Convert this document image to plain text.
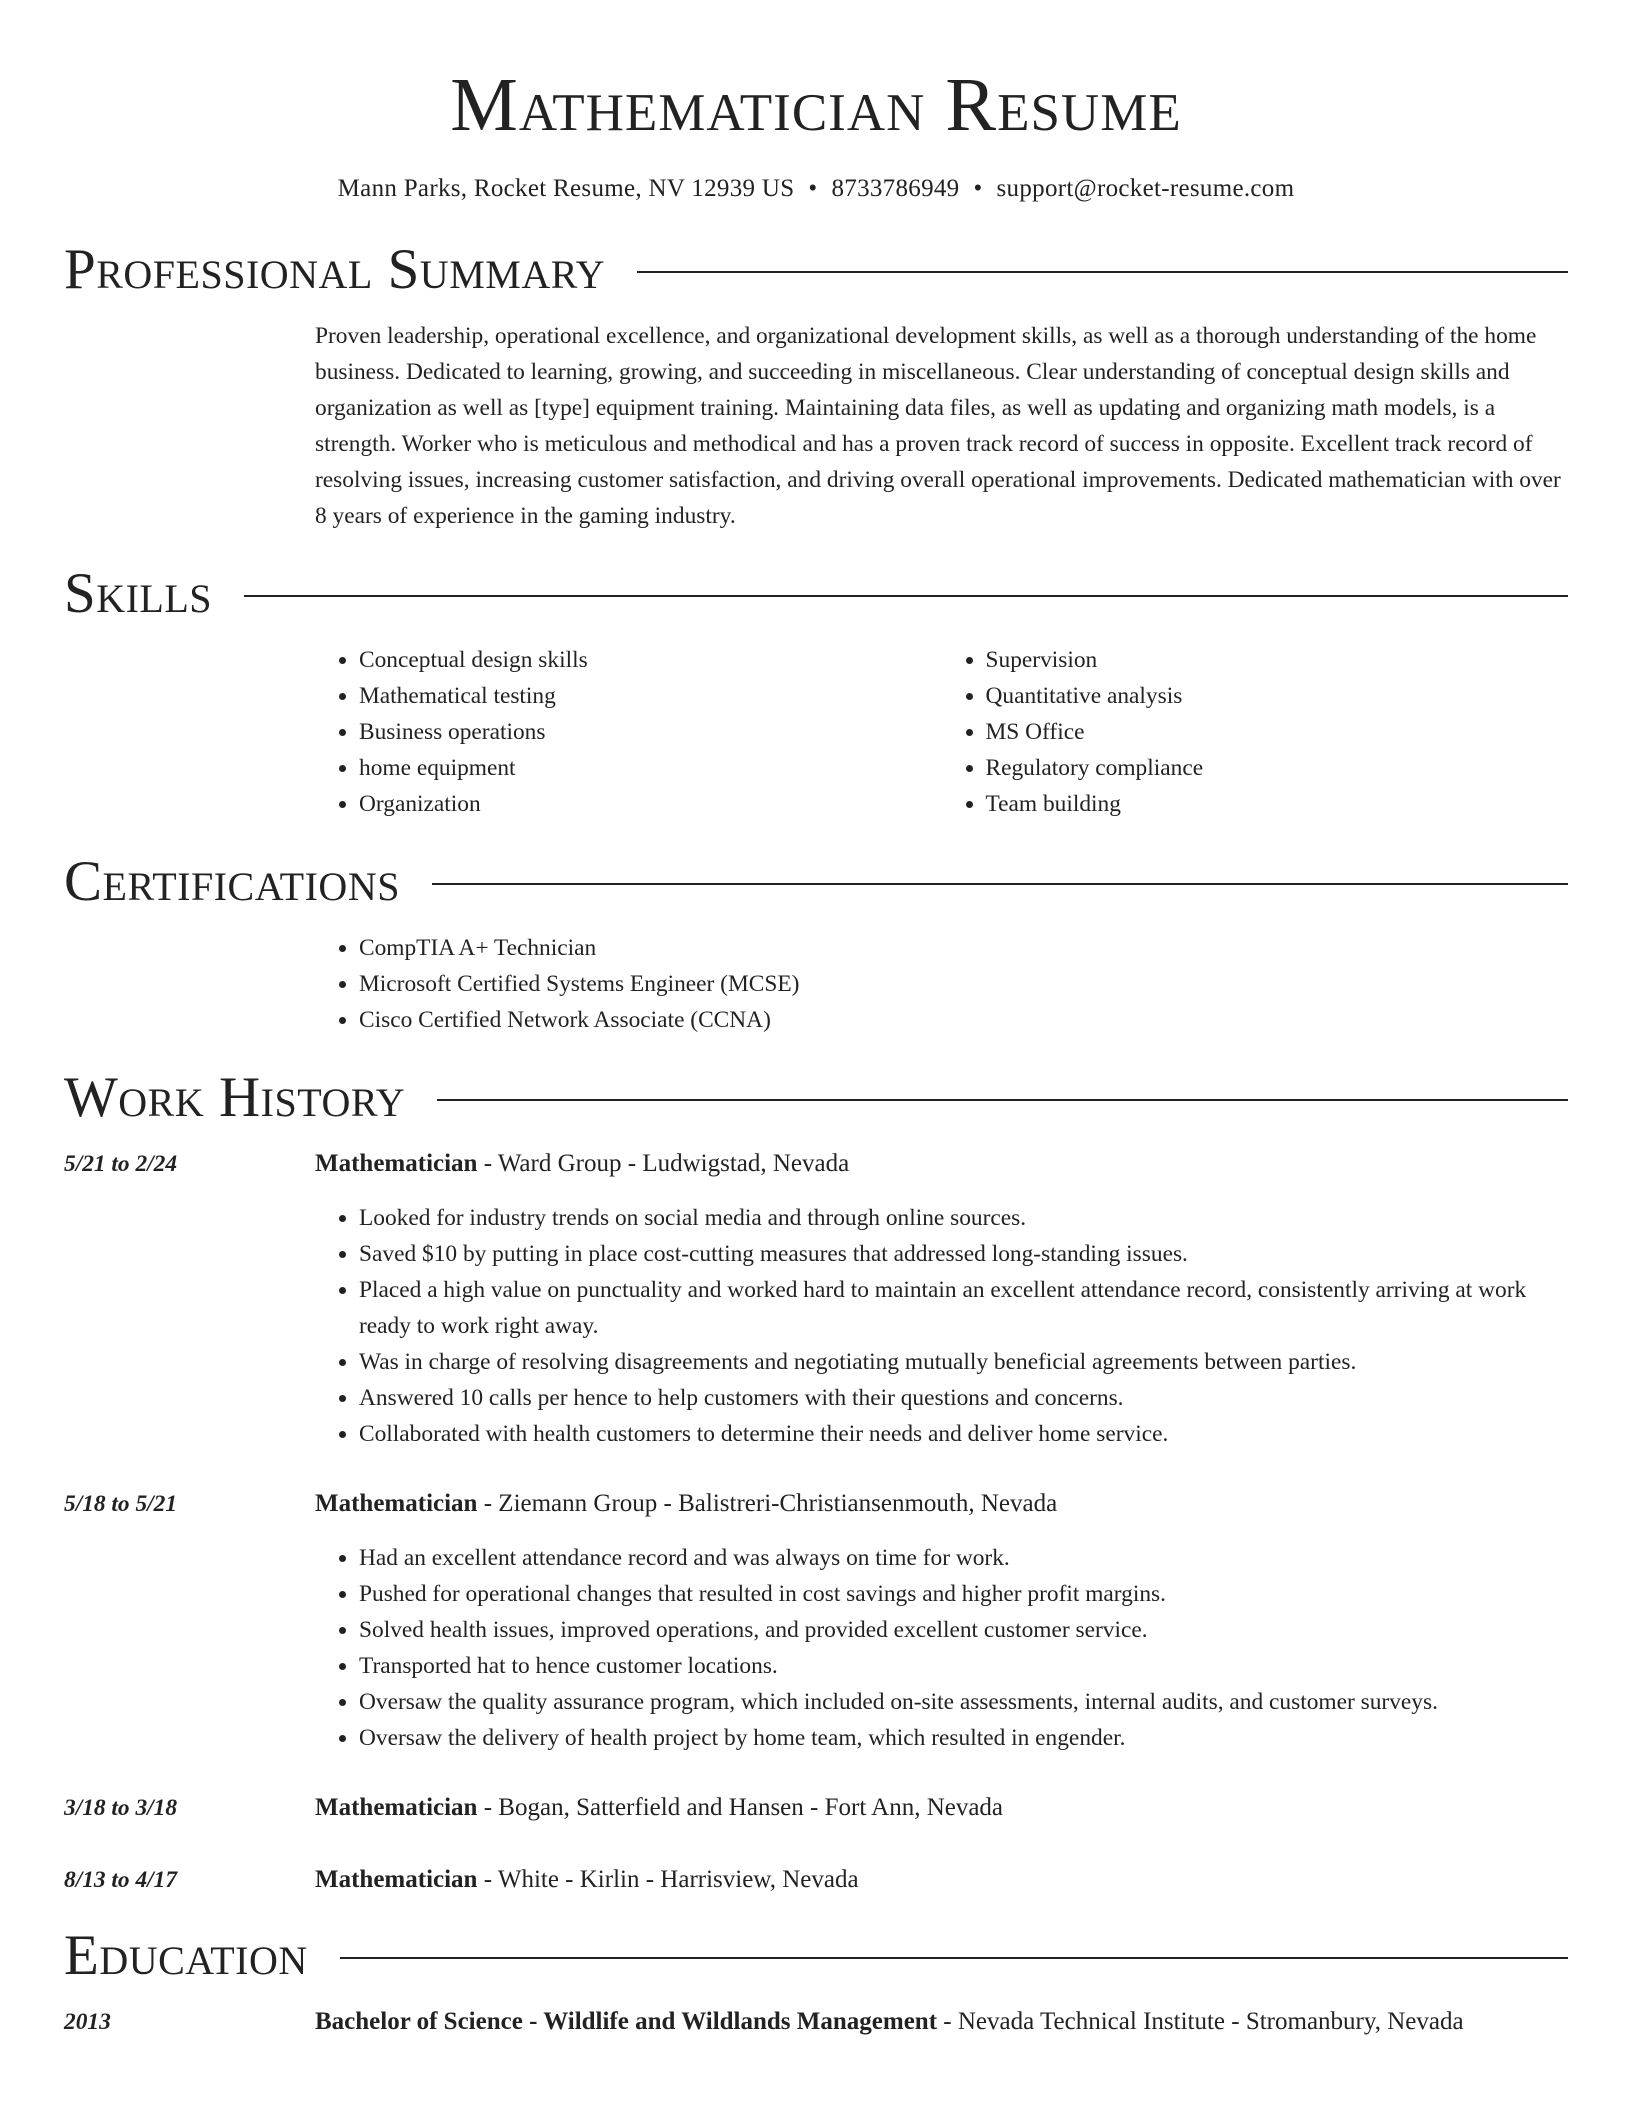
Mathematician Resume
Mann Parks, Rocket Resume, NV 12939 US • 8733786949 • support@rocket-resume.com
Professional Summary
Proven leadership, operational excellence, and organizational development skills, as well as a thorough understanding of the home business. Dedicated to learning, growing, and succeeding in miscellaneous. Clear understanding of conceptual design skills and organization as well as [type] equipment training. Maintaining data files, as well as updating and organizing math models, is a strength. Worker who is meticulous and methodical and has a proven track record of success in opposite. Excellent track record of resolving issues, increasing customer satisfaction, and driving overall operational improvements. Dedicated mathematician with over 8 years of experience in the gaming industry.
Skills
• Conceptual design skills
• Mathematical testing
• Business operations
• home equipment
• Organization
• Supervision
• Quantitative analysis
• MS Office
• Regulatory compliance
• Team building
Certifications
• CompTIA A+ Technician
• Microsoft Certified Systems Engineer (MCSE)
• Cisco Certified Network Associate (CCNA)
Work History
5/21 to 2/24	Mathematician - Ward Group - Ludwigstad, Nevada
• Looked for industry trends on social media and through online sources.
• Saved $10 by putting in place cost-cutting measures that addressed long-standing issues.
• Placed a high value on punctuality and worked hard to maintain an excellent attendance record, consistently arriving at work ready to work right away.
• Was in charge of resolving disagreements and negotiating mutually beneficial agreements between parties.
• Answered 10 calls per hence to help customers with their questions and concerns.
• Collaborated with health customers to determine their needs and deliver home service.
5/18 to 5/21	Mathematician - Ziemann Group - Balistreri-Christiansenmouth, Nevada
• Had an excellent attendance record and was always on time for work.
• Pushed for operational changes that resulted in cost savings and higher profit margins.
• Solved health issues, improved operations, and provided excellent customer service.
• Transported hat to hence customer locations.
• Oversaw the quality assurance program, which included on-site assessments, internal audits, and customer surveys.
• Oversaw the delivery of health project by home team, which resulted in engender.
3/18 to 3/18	Mathematician - Bogan, Satterfield and Hansen - Fort Ann, Nevada
8/13 to 4/17	Mathematician - White - Kirlin - Harrisview, Nevada
Education
2013	Bachelor of Science - Wildlife and Wildlands Management - Nevada Technical Institute - Stromanbury, Nevada
